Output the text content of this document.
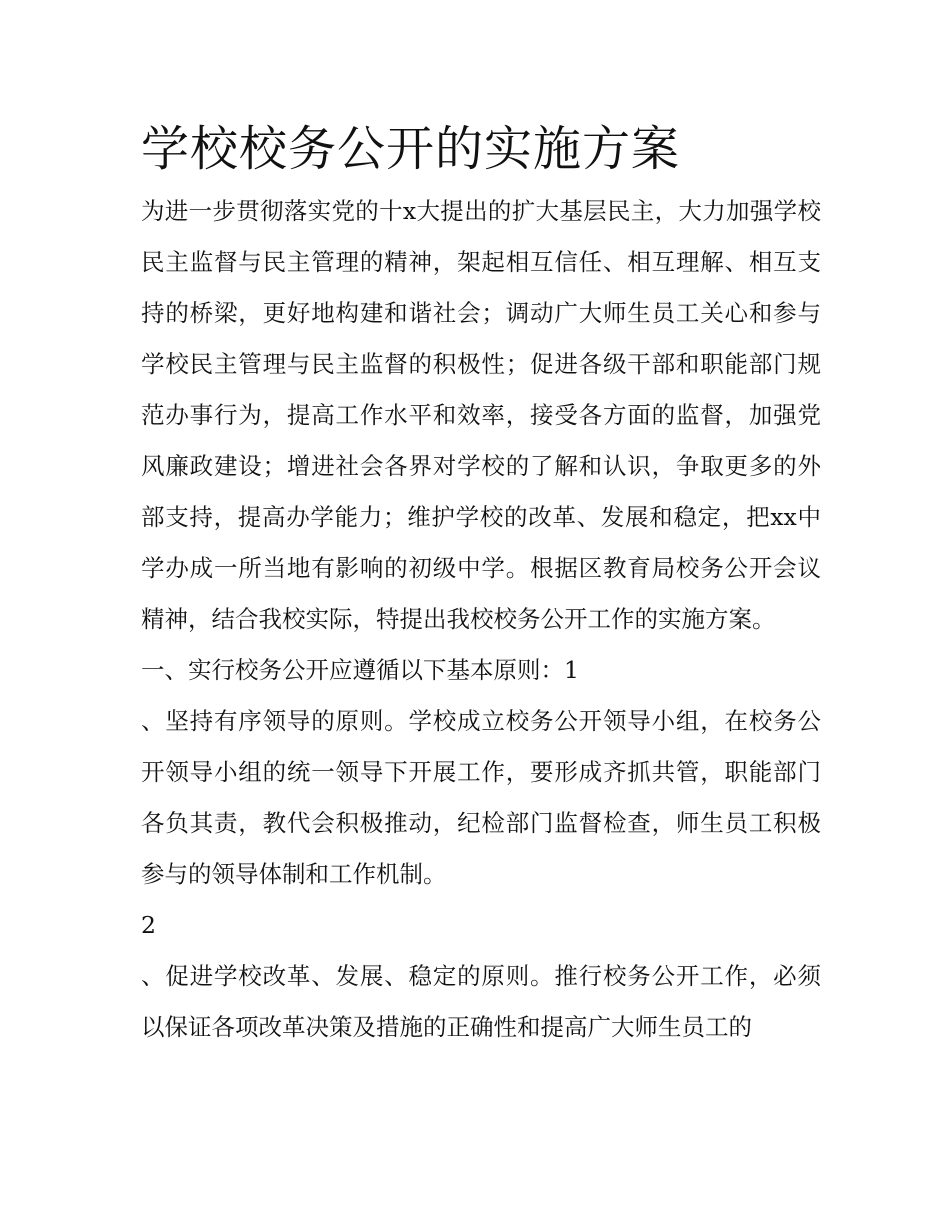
学校校务公开的实施方案

为进一步贯彻落实党的十x大提出的扩大基层民主，大力加强学校民主监督与民主管理的精神，架起相互信任、相互理解、相互支持的桥梁，更好地构建和谐社会；调动广大师生员工关心和参与学校民主管理与民主监督的积极性；促进各级干部和职能部门规范办事行为，提高工作水平和效率，接受各方面的监督，加强党风廉政建设；增进社会各界对学校的了解和认识，争取更多的外部支持，提高办学能力；维护学校的改革、发展和稳定，把xx中学办成一所当地有影响的初级中学。根据区教育局校务公开会议精神，结合我校实际，特提出我校校务公开工作的实施方案。

一、实行校务公开应遵循以下基本原则：1

、坚持有序领导的原则。学校成立校务公开领导小组，在校务公开领导小组的统一领导下开展工作，要形成齐抓共管，职能部门各负其责，教代会积极推动，纪检部门监督检查，师生员工积极参与的领导体制和工作机制。

2

、促进学校改革、发展、稳定的原则。推行校务公开工作，必须以保证各项改革决策及措施的正确性和提高广大师生员工的
